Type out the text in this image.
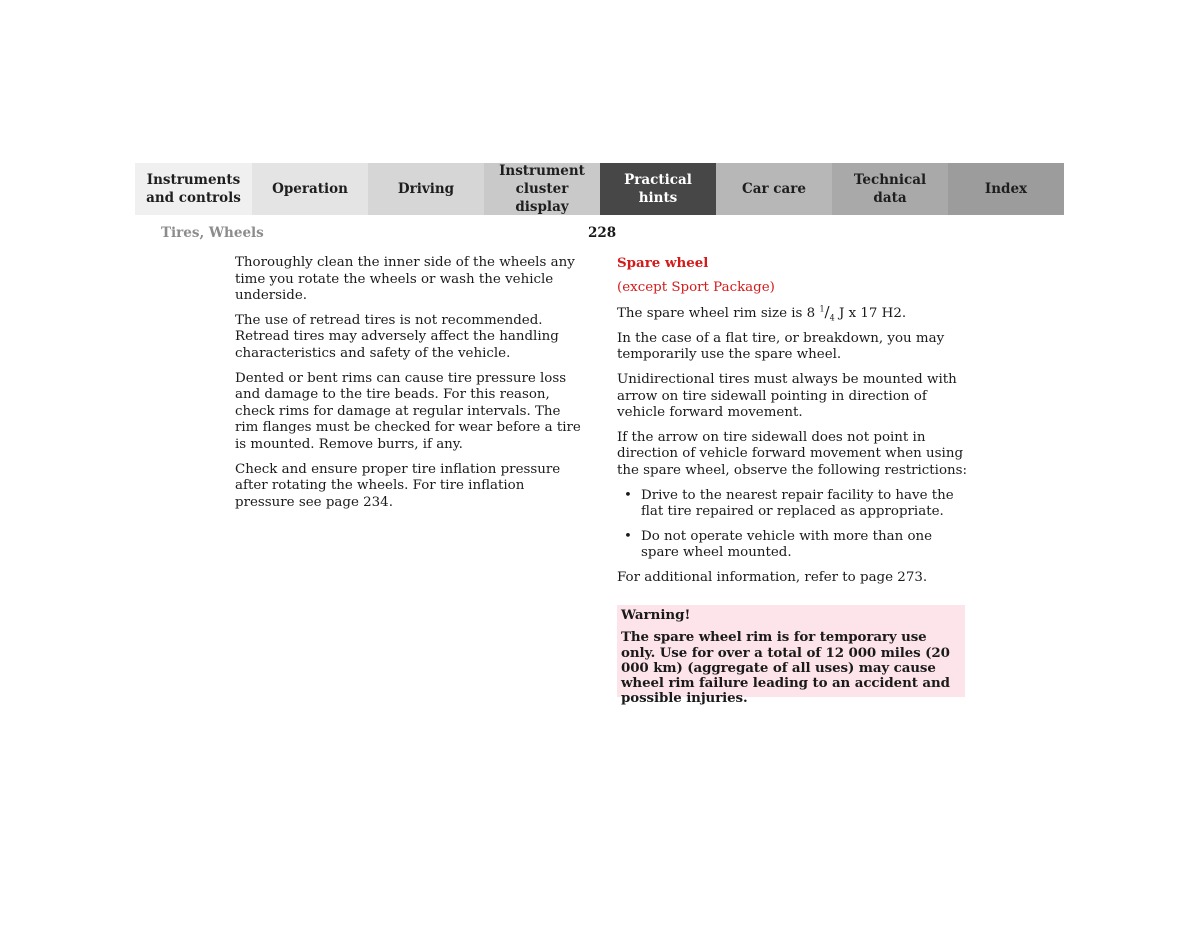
Instruments
and controls
Operation	Driving
Instrument
cluster display
Practical hints
Car care
Technical
data
Index
Tires, Wheels	228

Thoroughly clean the inner side of the wheels any time you rotate the wheels or wash the vehicle underside.

The use of retread tires is not recommended. Retread tires may adversely affect the handling characteristics and safety of the vehicle.

Dented or bent rims can cause tire pressure loss and damage to the tire beads. For this reason, check rims for damage at regular intervals. The rim flanges must be checked for wear before a tire is mounted. Remove burrs, if any.

Check and ensure proper tire inflation pressure after rotating the wheels. For tire inflation pressure see page 234.

Spare wheel

(except Sport Package)

The spare wheel rim size is 8 $^1/_4$ J x 17 H2.

In the case of a flat tire, or breakdown, you may temporarily use the spare wheel.

Unidirectional tires must always be mounted with arrow on tire sidewall pointing in direction of vehicle forward movement.

If the arrow on tire sidewall does not point in direction of vehicle forward movement when using the spare wheel, observe the following restrictions:

• Drive to the nearest repair facility to have the flat tire repaired or replaced as appropriate.
• Do not operate vehicle with more than one spare wheel mounted.

For additional information, refer to page 273.

Warning!

The spare wheel rim is for temporary use only. Use for over a total of 12 000 miles (20 000 km) (aggregate of all uses) may cause wheel rim failure leading to an accident and possible injuries.
